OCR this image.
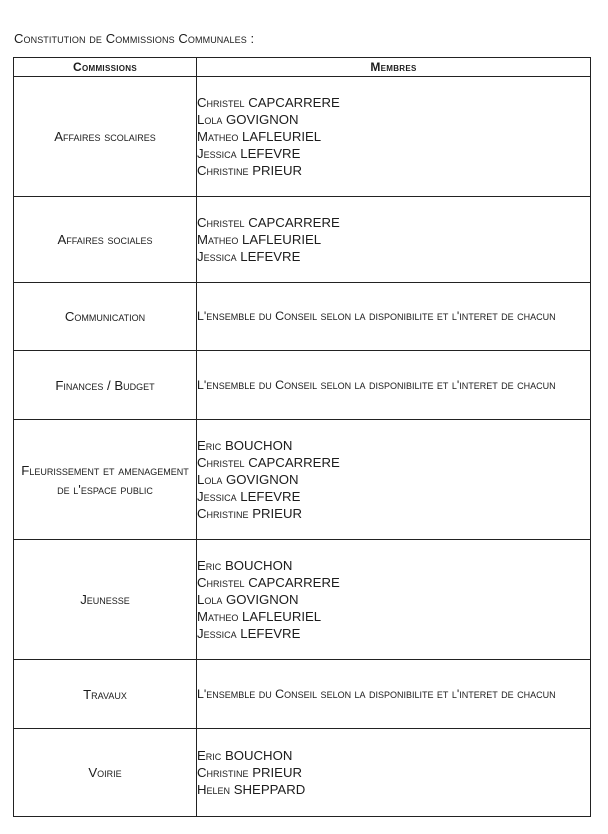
Constitution de Commissions Communales :
Commissions	Membres
Affaires scolaires	Christel CAPCARRERE
Lola GOVIGNON
Matheo LAFLEURIEL
Jessica LEFEVRE
Christine PRIEUR

Affaires sociales	Christel CAPCARRERE
Matheo LAFLEURIEL
Jessica LEFEVRE

Communication	L'ensemble du Conseil selon la disponibilite et l'interet de chacun

Finances / Budget	L'ensemble du Conseil selon la disponibilite et l'interet de chacun

Fleurissement et amenagement de l'espace public	Eric BOUCHON
Christel CAPCARRERE
Lola GOVIGNON
Jessica LEFEVRE
Christine PRIEUR

Jeunesse	Eric BOUCHON
Christel CAPCARRERE
Lola GOVIGNON
Matheo LAFLEURIEL
Jessica LEFEVRE

Travaux	L'ensemble du Conseil selon la disponibilite et l'interet de chacun

Voirie	Eric BOUCHON
Christine PRIEUR
Helen SHEPPARD
